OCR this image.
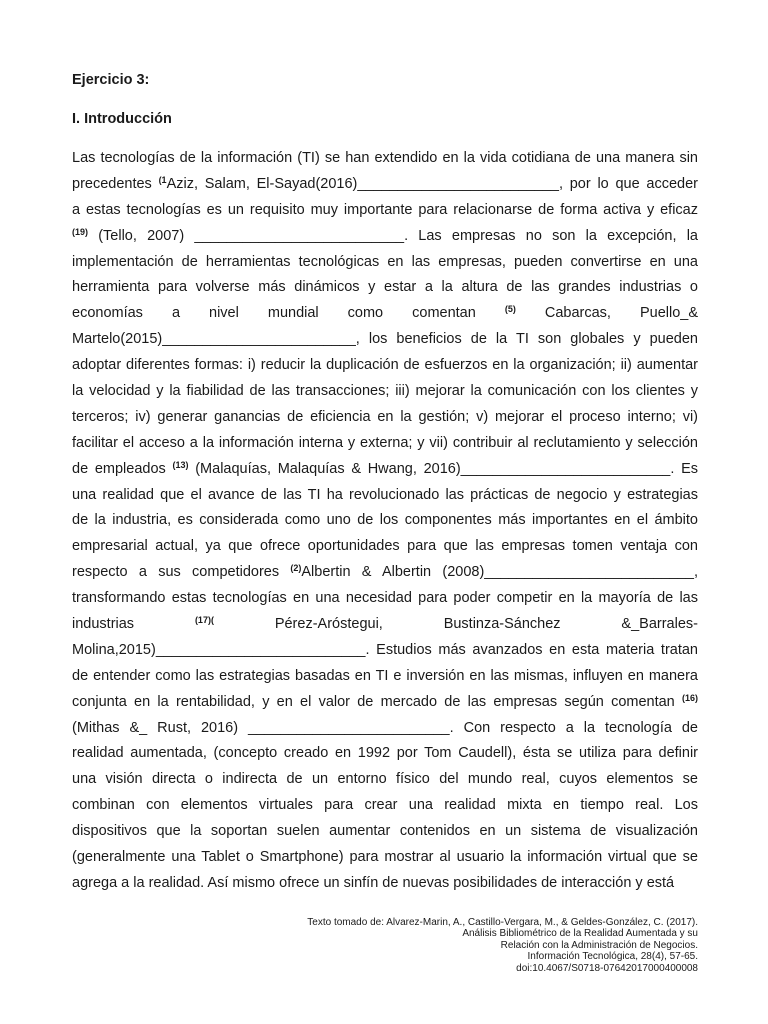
Ejercicio 3:
I. Introducción
Las tecnologías de la información (TI) se han extendido en la vida cotidiana de una manera sin
precedentes $^{(1}$Aziz, Salam, El-Sayad(2016)_________________________, por lo que acceder
a estas tecnologías es un requisito muy importante para relacionarse de forma activa y eficaz
$^{(19)}$ (Tello, 2007) __________________________. Las empresas no son la excepción, la
implementación de herramientas tecnológicas en las empresas, pueden convertirse en una
herramienta para volverse más dinámicos y estar a la altura de las grandes industrias o
economías a nivel mundial como comentan $^{(5)}$ Cabarcas, Puello_&
Martelo(2015)________________________, los beneficios de la TI son globales y pueden
adoptar diferentes formas: i) reducir la duplicación de esfuerzos en la organización; ii) aumentar
la velocidad y la fiabilidad de las transacciones; iii) mejorar la comunicación con los clientes y
terceros; iv) generar ganancias de eficiencia en la gestión; v) mejorar el proceso interno; vi)
facilitar el acceso a la información interna y externa; y vii) contribuir al reclutamiento y selección
de empleados $^{(13)}$ (Malaquías, Malaquías & Hwang, 2016)__________________________. Es
una realidad que el avance de las TI ha revolucionado las prácticas de negocio y estrategias
de la industria, es considerada como uno de los componentes más importantes en el ámbito
empresarial actual, ya que ofrece oportunidades para que las empresas tomen ventaja con
respecto a sus competidores $^{(2)}$Albertin & Albertin (2008)__________________________,
transformando estas tecnologías en una necesidad para poder competir en la mayoría de las
industrias $^{(17)(}$ Pérez-Aróstegui, Bustinza-Sánchez &_Barrales-
Molina,2015)__________________________. Estudios más avanzados en esta materia tratan
de entender como las estrategias basadas en TI e inversión en las mismas, influyen en manera
conjunta en la rentabilidad, y en el valor de mercado de las empresas según comentan $^{(16)}$
(Mithas &_ Rust, 2016) _________________________. Con respecto a la tecnología de
realidad aumentada, (concepto creado en 1992 por Tom Caudell), ésta se utiliza para definir
una visión directa o indirecta de un entorno físico del mundo real, cuyos elementos se
combinan con elementos virtuales para crear una realidad mixta en tiempo real. Los
dispositivos que la soportan suelen aumentar contenidos en un sistema de visualización
(generalmente una Tablet o Smartphone) para mostrar al usuario la información virtual que se
agrega a la realidad. Así mismo ofrece un sinfín de nuevas posibilidades de interacción y está
Texto tomado de: Alvarez-Marin, A., Castillo-Vergara, M., & Geldes-González, C. (2017).
Análisis Bibliométrico de la Realidad Aumentada y su
Relación con la Administración de Negocios.
Información Tecnológica, 28(4), 57-65.
doi:10.4067/S0718-07642017000400008
